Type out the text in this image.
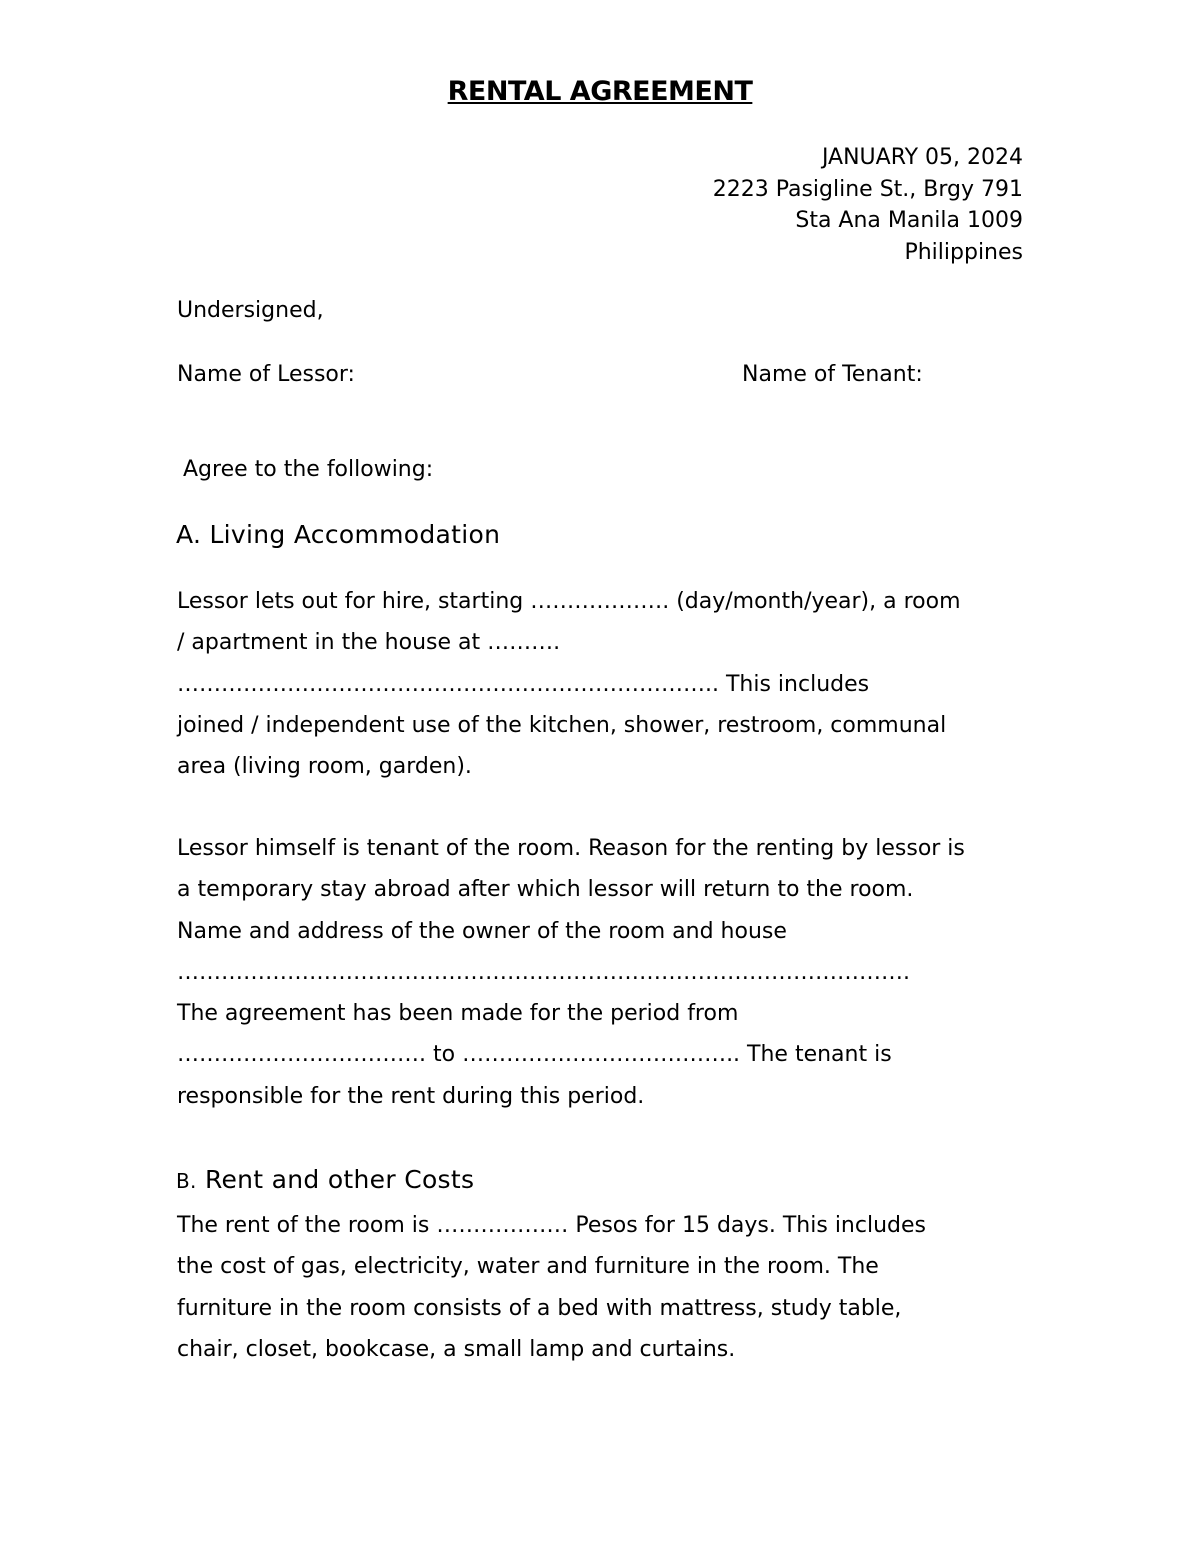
RENTAL AGREEMENT
JANUARY 05, 2024
2223 Pasigline St., Brgy 791
Sta Ana Manila 1009
Philippines
Undersigned,
Name of Lessor:	Name of Tenant:
Agree to the following:
A. Living Accommodation
Lessor lets out for hire, starting ………………. (day/month/year), a room
/ apartment in the house at ……….
……………………………………………………………….. This includes
joined / independent use of the kitchen, shower, restroom, communal
area (living room, garden).
Lessor himself is tenant of the room. Reason for the renting by lessor is
a temporary stay abroad after which lessor will return to the room.
Name and address of the owner of the room and house
……………………………………………………………………………………….
The agreement has been made for the period from
……………………………. to ……………………………….. The tenant is
responsible for the rent during this period.
B. Rent and other Costs
The rent of the room is ……………… Pesos for 15 days. This includes
the cost of gas, electricity, water and furniture in the room. The
furniture in the room consists of a bed with mattress, study table,
chair, closet, bookcase, a small lamp and curtains.
